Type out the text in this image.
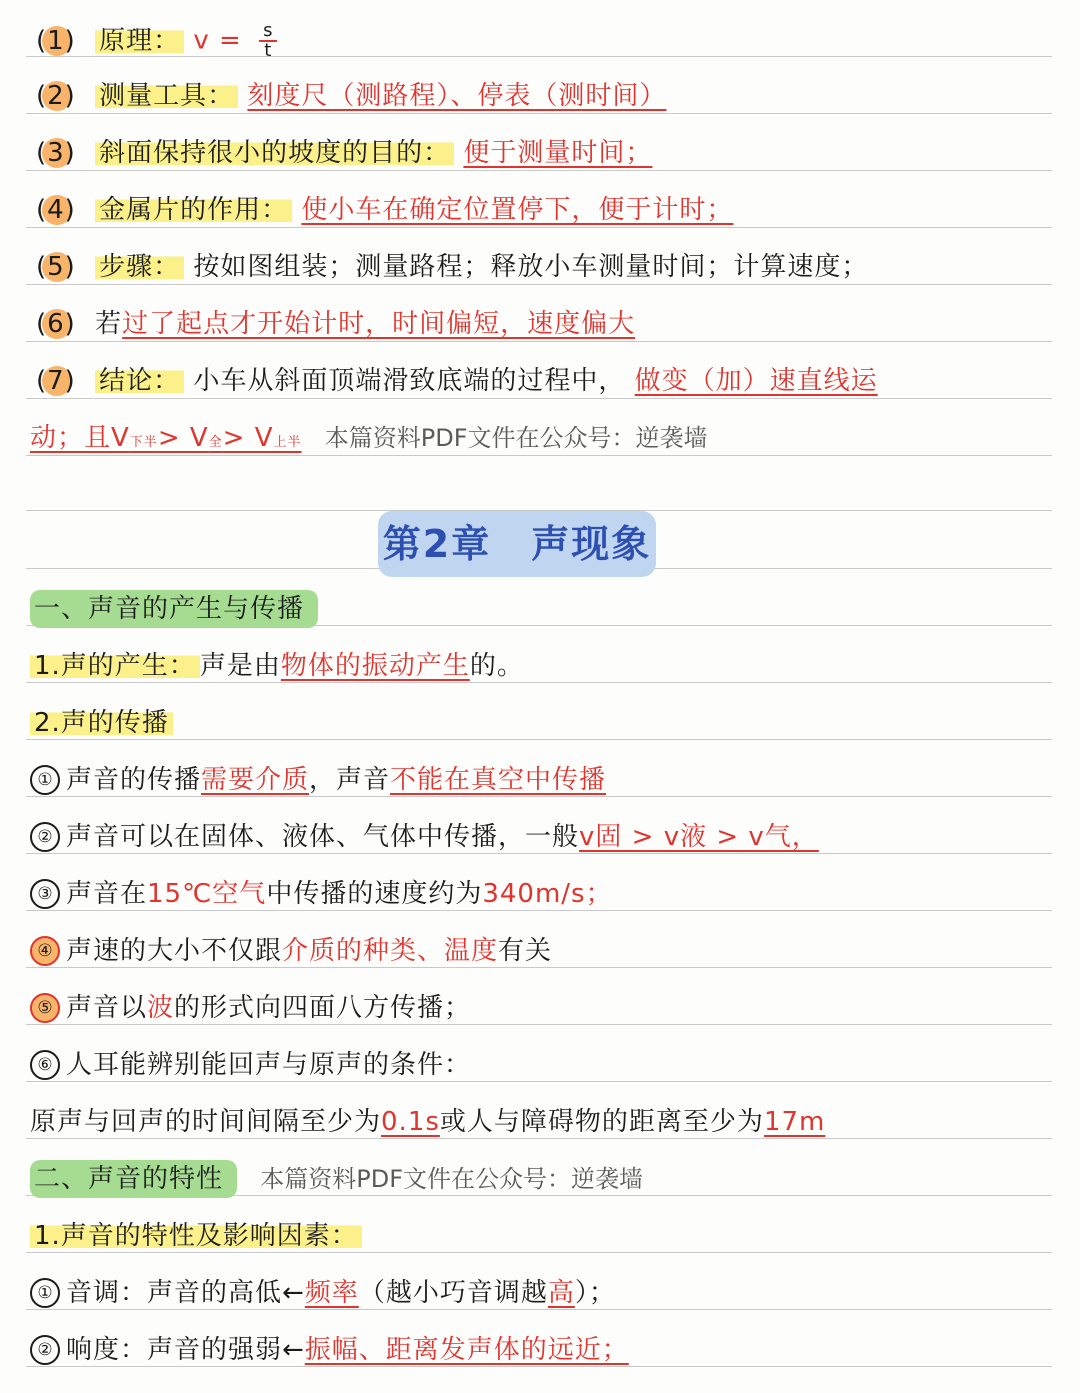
(1) 原理： $v = \frac{s}{t}$
(2) 测量工具： 刻度尺（测路程）、停表（测时间）
(3) 斜面保持很小的坡度的目的： 便于测量时间；
(4) 金属片的作用： 使小车在确定位置停下，便于计时；
(5) 步骤： 按如图组装；测量路程；释放小车测量时间；计算速度；
(6) 若过了起点才开始计时，时间偏短，速度偏大
(7) 结论： 小车从斜面顶端滑致底端的过程中， 做变（加）速直线运
动；且V下半> V全> V上半 本篇资料PDF文件在公众号：逆袭墙
第2章　声现象
一、声音的产生与传播
1.声的产生： 声是由物体的振动产生的。
2.声的传播
① 声音的传播需要介质，声音不能在真空中传播
② 声音可以在固体、液体、气体中传播，一般v固 > v液 > v气，
③ 声音在15℃空气中传播的速度约为340m/s；
④ 声速的大小不仅跟介质的种类、温度有关
⑤ 声音以波的形式向四面八方传播；
⑥ 人耳能辨别能回声与原声的条件：
原声与回声的时间间隔至少为0.1s或人与障碍物的距离至少为17m
二、声音的特性 本篇资料PDF文件在公众号：逆袭墙
1.声音的特性及影响因素：
① 音调：声音的高低←频率（越小巧音调越高）；
② 响度：声音的强弱←振幅、距离发声体的远近；
